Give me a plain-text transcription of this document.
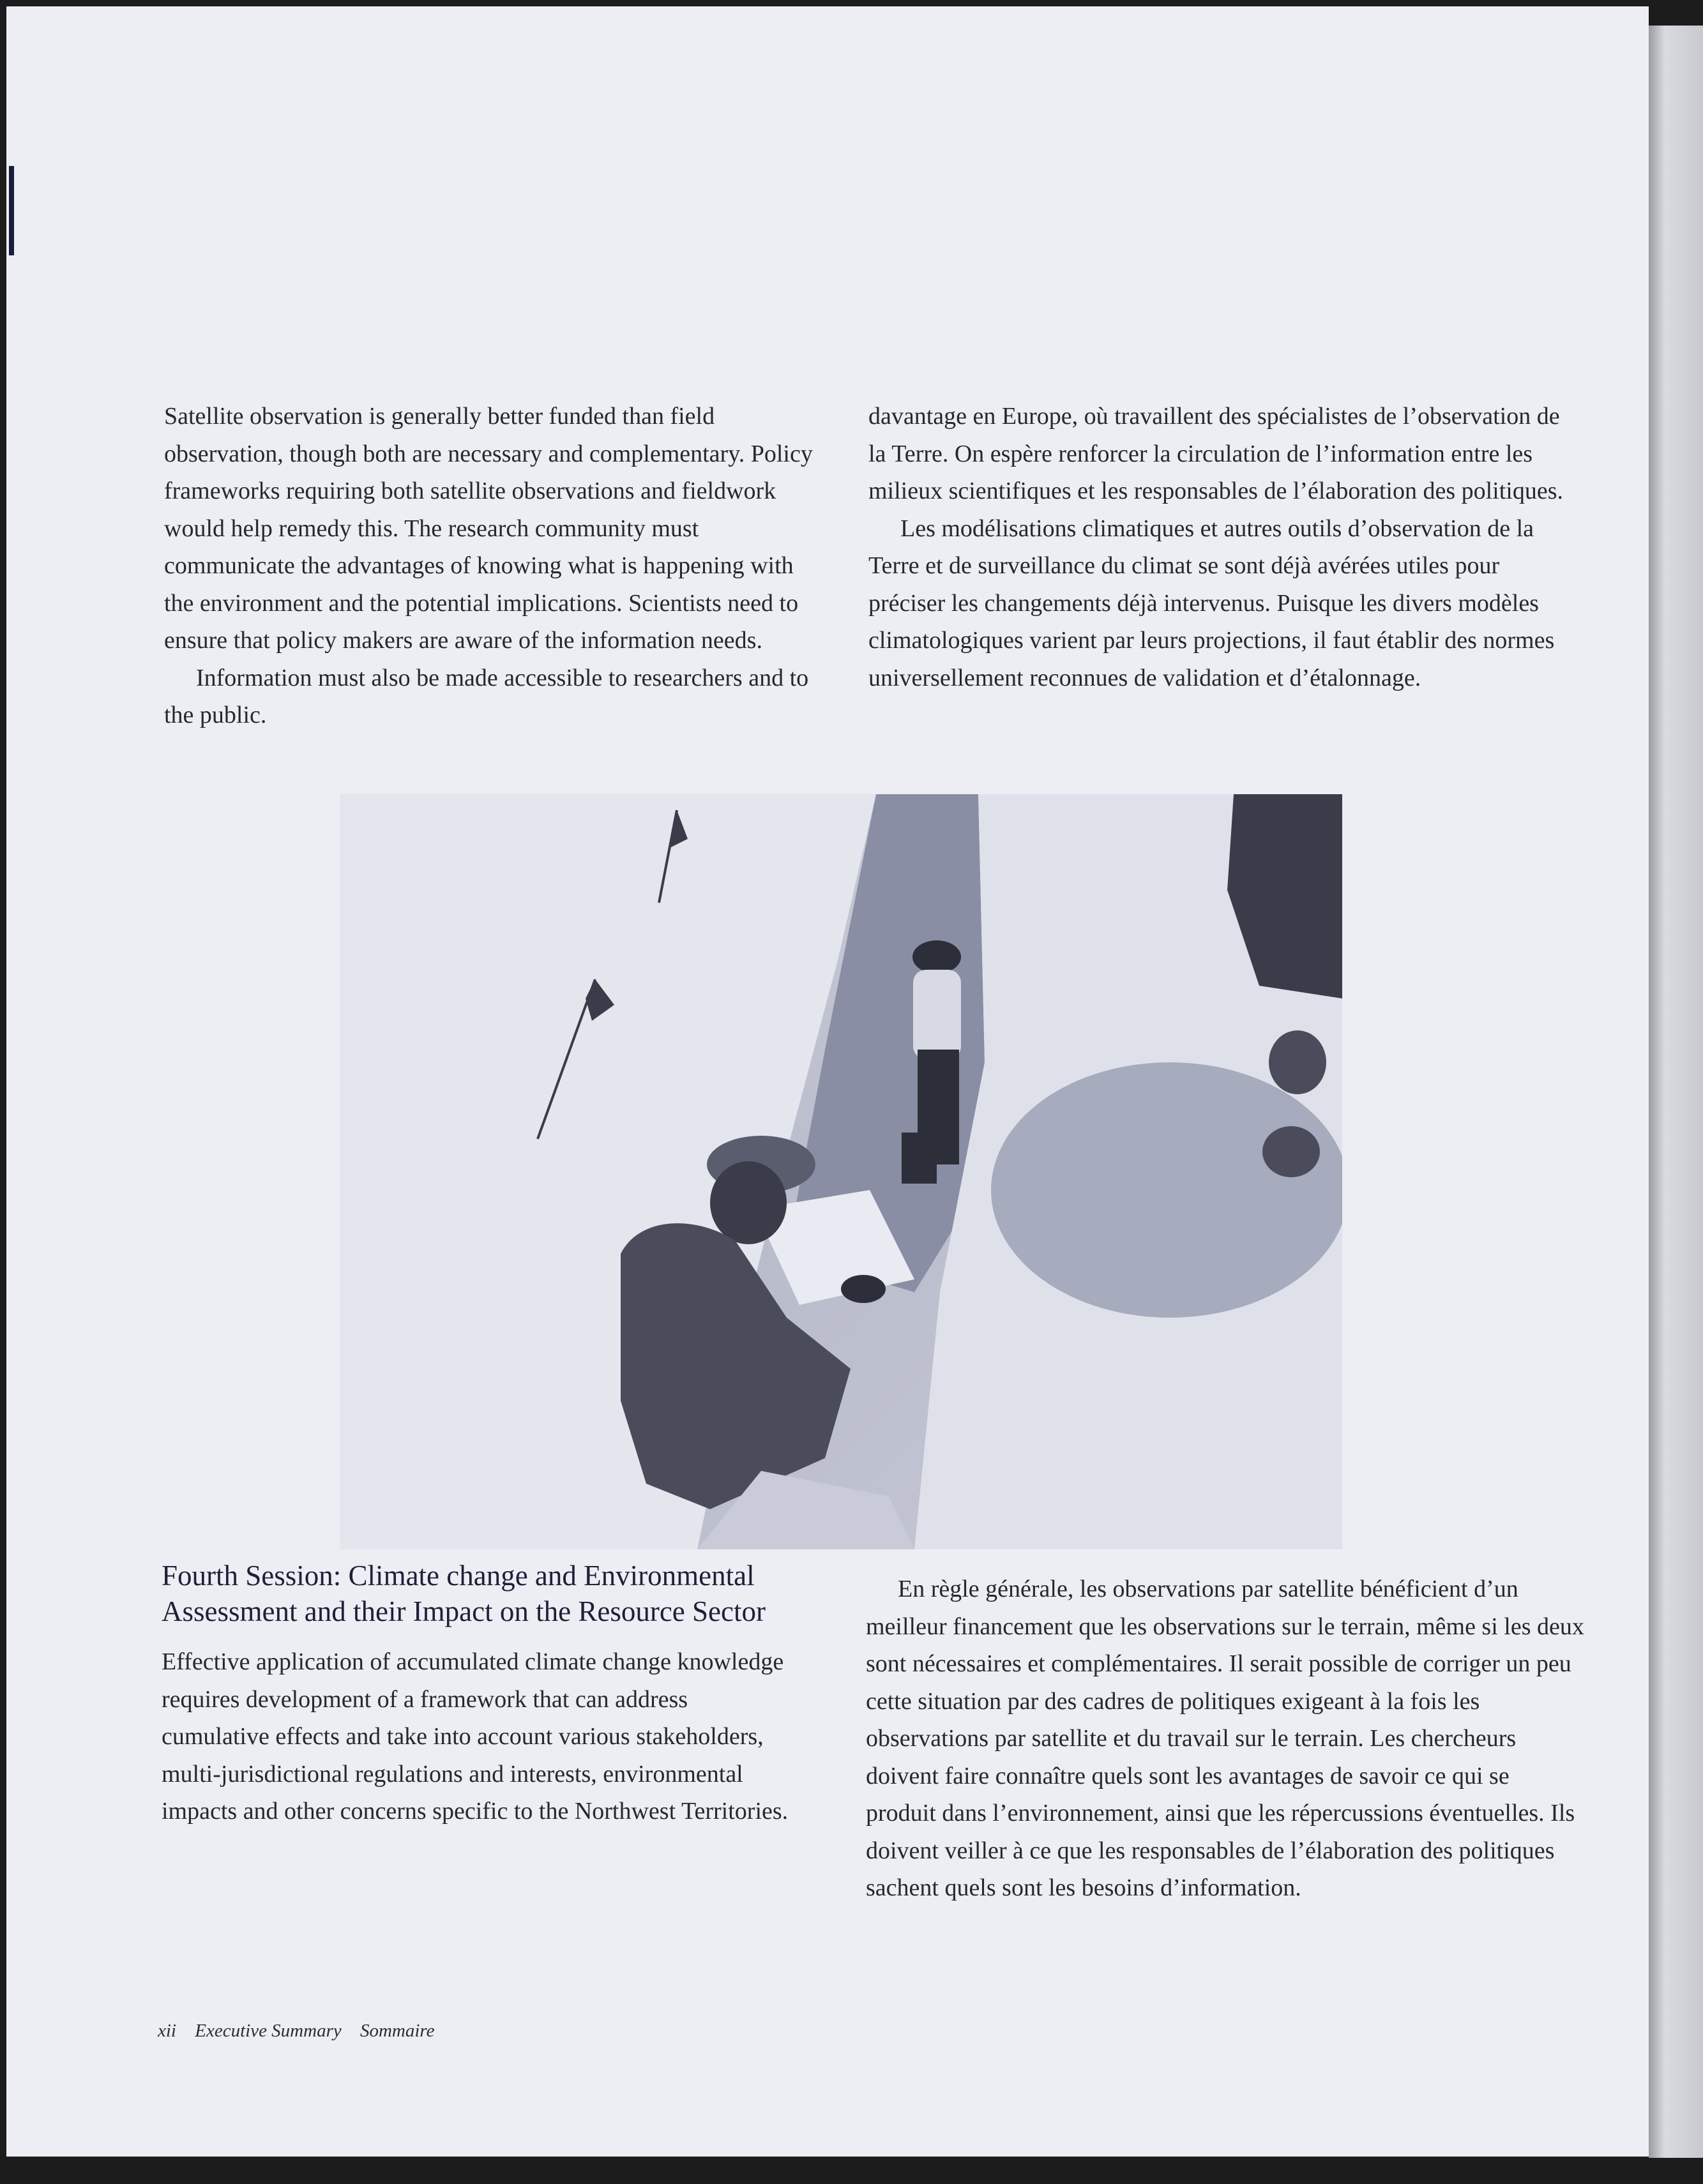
Satellite observation is generally better funded than field observation, though both are necessary and complementary. Policy frameworks requiring both satellite observations and fieldwork would help remedy this. The research community must communicate the advantages of knowing what is happening with the environment and the potential implications. Scientists need to ensure that policy makers are aware of the information needs.

Information must also be made accessible to researchers and to the public.

davantage en Europe, où travaillent des spécialistes de l’observation de la Terre. On espère renforcer la circulation de l’information entre les milieux scientifiques et les responsables de l’élaboration des politiques.

Les modélisations climatiques et autres outils d’observation de la Terre et de surveillance du climat se sont déjà avérées utiles pour préciser les changements déjà intervenus. Puisque les divers modèles climatologiques varient par leurs projections, il faut établir des normes universellement reconnues de validation et d’étalonnage.

Fourth Session: Climate change and Environmental Assessment and their Impact on the Resource Sector

Effective application of accumulated climate change knowledge requires development of a framework that can address cumulative effects and take into account various stakeholders, multi-jurisdictional regulations and interests, environmental impacts and other concerns specific to the Northwest Territories.

En règle générale, les observations par satellite bénéficient d’un meilleur financement que les observations sur le terrain, même si les deux sont nécessaires et complémentaires. Il serait possible de corriger un peu cette situation par des cadres de politiques exigeant à la fois les observations par satellite et du travail sur le terrain. Les chercheurs doivent faire connaître quels sont les avantages de savoir ce qui se produit dans l’environnement, ainsi que les répercussions éventuelles. Ils doivent veiller à ce que les responsables de l’élaboration des politiques sachent quels sont les besoins d’information.

xii Executive Summary Sommaire
